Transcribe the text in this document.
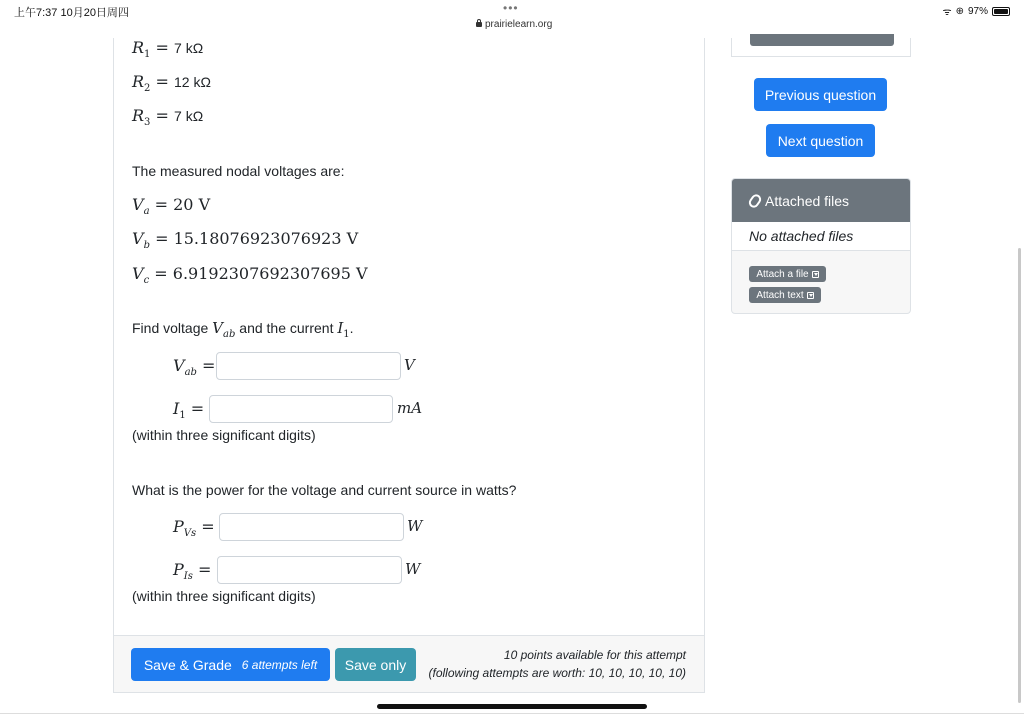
上午7:37 10月20日周四	•••
prairielearn.org
ᯤ ⊕ 97%
$R_1 = 7$ kΩ
$R_2 = 12$ kΩ
$R_3 = 7$ kΩ
The measured nodal voltages are:
$V_a = 20$ V
$V_b = 15.18076923076923$ V
$V_c = 6.9192307692307695$ V
Find voltage $V_{ab}$ and the current $I_1$.
$V_{ab}$ =	V
$I_1$ =	mA
(within three significant digits)
What is the power for the voltage and current source in watts?
$P_{Vs}$ =	W
$P_{Is}$ =	W
(within three significant digits)
Save & Grade 6 attempts left	Save only
10 points available for this attempt
(following attempts are worth: 10, 10, 10, 10, 10)
Previous question
Next question
Attached files
No attached files
Attach a file
Attach text
